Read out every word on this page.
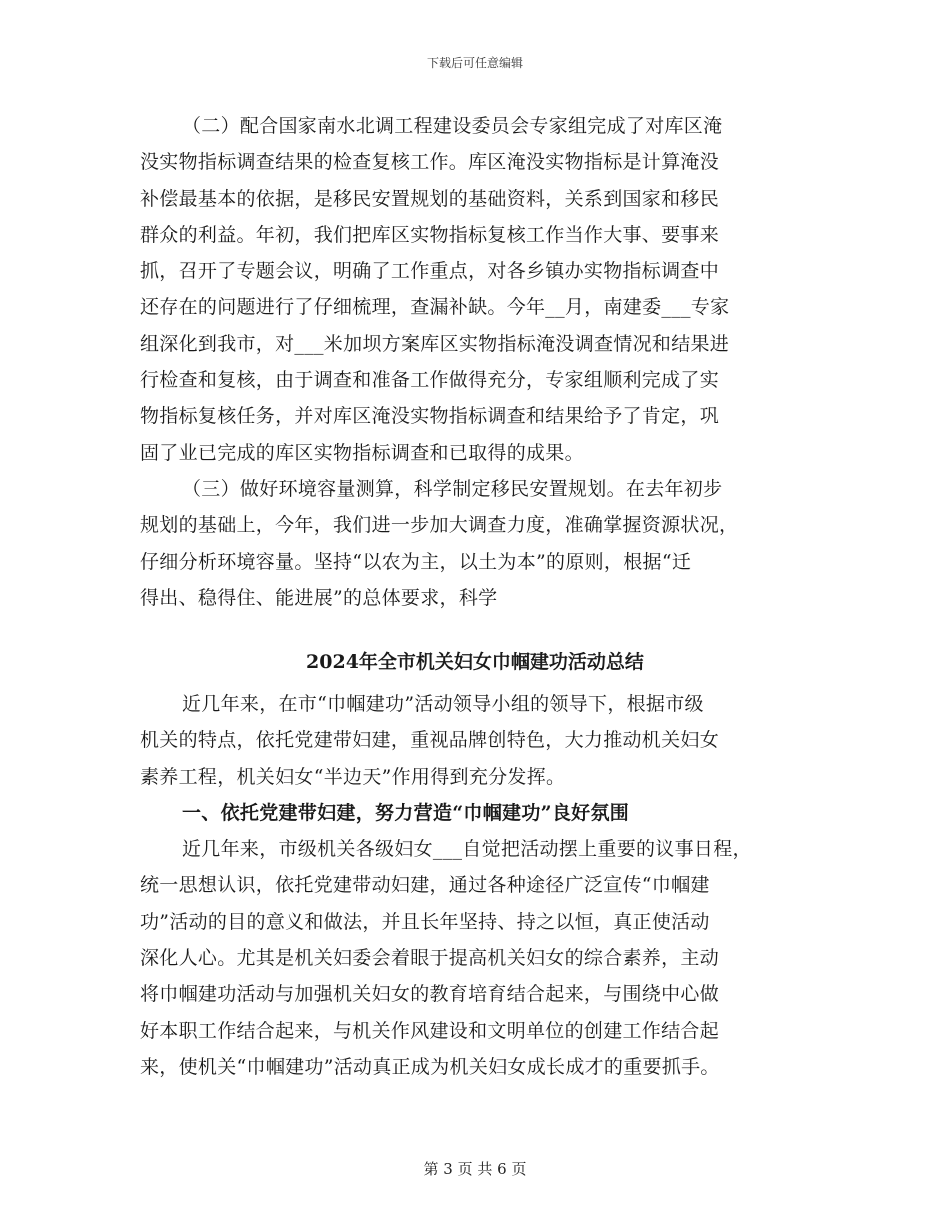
下载后可任意编辑
（二）配合国家南水北调工程建设委员会专家组完成了对库区淹
没实物指标调查结果的检查复核工作。库区淹没实物指标是计算淹没
补偿最基本的依据，是移民安置规划的基础资料，关系到国家和移民
群众的利益。年初，我们把库区实物指标复核工作当作大事、要事来
抓，召开了专题会议，明确了工作重点，对各乡镇办实物指标调查中
还存在的问题进行了仔细梳理，查漏补缺。今年__月，南建委___专家
组深化到我市，对___米加坝方案库区实物指标淹没调查情况和结果进
行检查和复核，由于调查和准备工作做得充分，专家组顺利完成了实
物指标复核任务，并对库区淹没实物指标调查和结果给予了肯定，巩
固了业已完成的库区实物指标调查和已取得的成果。
（三）做好环境容量测算，科学制定移民安置规划。在去年初步
规划的基础上，今年，我们进一步加大调查力度，准确掌握资源状况，
仔细分析环境容量。坚持“以农为主，以土为本”的原则，根据“迁
得出、稳得住、能进展”的总体要求，科学
2024年全市机关妇女巾帼建功活动总结
近几年来，在市“巾帼建功”活动领导小组的领导下，根据市级
机关的特点，依托党建带妇建，重视品牌创特色，大力推动机关妇女
素养工程，机关妇女“半边天”作用得到充分发挥。
一、依托党建带妇建，努力营造“巾帼建功”良好氛围
近几年来，市级机关各级妇女___自觉把活动摆上重要的议事日程，
统一思想认识，依托党建带动妇建，通过各种途径广泛宣传“巾帼建
功”活动的目的意义和做法，并且长年坚持、持之以恒，真正使活动
深化人心。尤其是机关妇委会着眼于提高机关妇女的综合素养，主动
将巾帼建功活动与加强机关妇女的教育培育结合起来，与围绕中心做
好本职工作结合起来，与机关作风建设和文明单位的创建工作结合起
来，使机关“巾帼建功”活动真正成为机关妇女成长成才的重要抓手。
第 3 页 共 6 页
